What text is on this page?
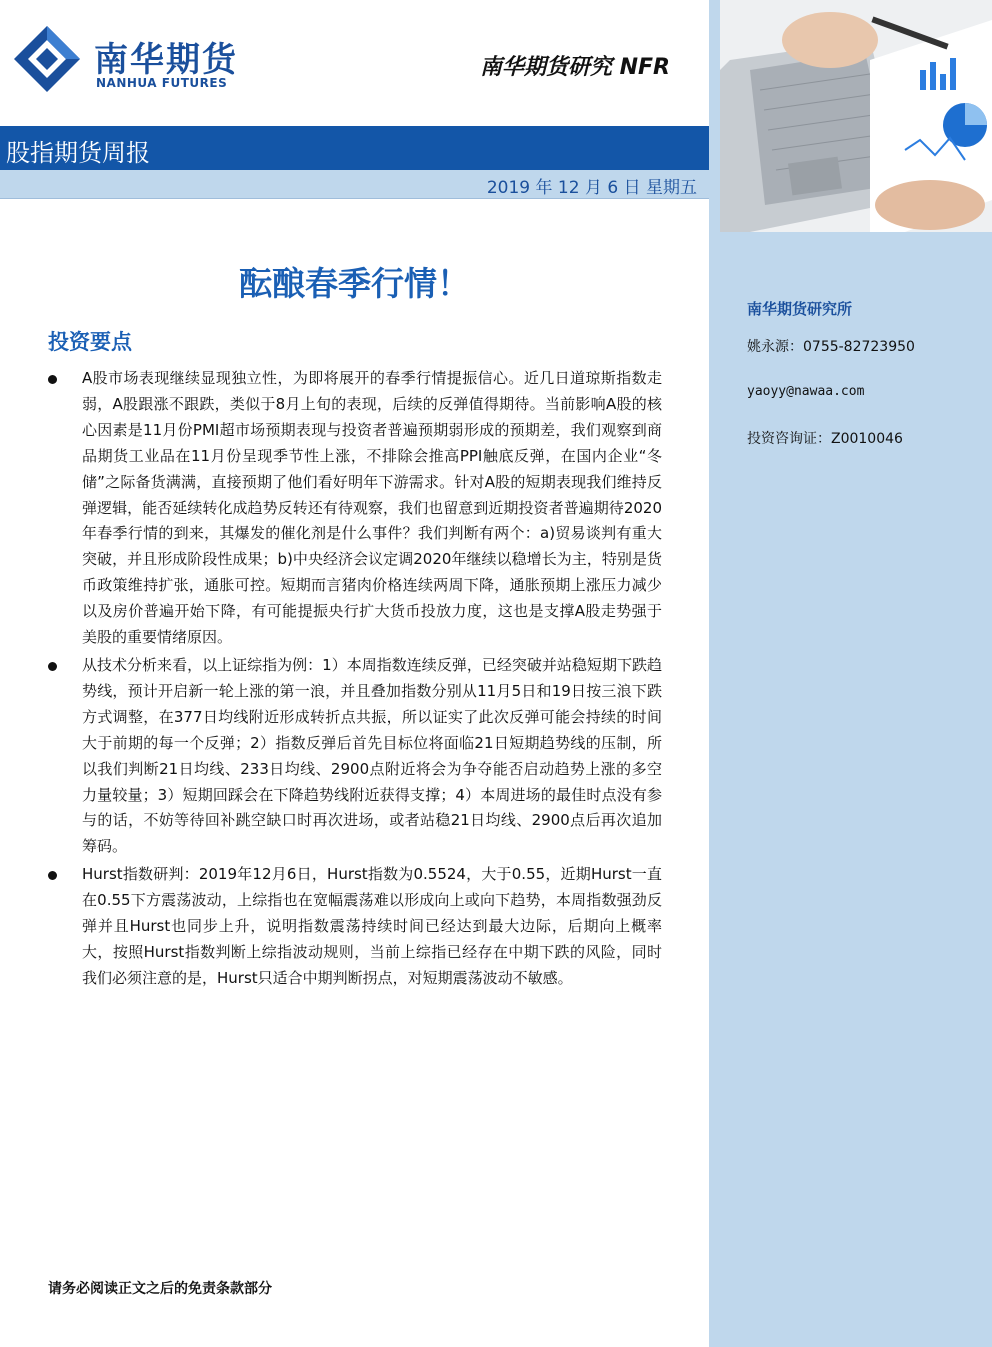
南华期货
NANHUA FUTURES
南华期货研究 NFR
股指期货周报
2019 年 12 月 6 日 星期五
酝酿春季行情！
投资要点
A股市场表现继续显现独立性，为即将展开的春季行情提振信心。近几日道琼斯指数走弱，A股跟涨不跟跌，类似于8月上旬的表现，后续的反弹值得期待。当前影响A股的核心因素是11月份PMI超市场预期表现与投资者普遍预期弱形成的预期差，我们观察到商品期货工业品在11月份呈现季节性上涨，不排除会推高PPI触底反弹，在国内企业“冬储”之际备货满满，直接预期了他们看好明年下游需求。针对A股的短期表现我们维持反弹逻辑，能否延续转化成趋势反转还有待观察，我们也留意到近期投资者普遍期待2020年春季行情的到来，其爆发的催化剂是什么事件？我们判断有两个：a)贸易谈判有重大突破，并且形成阶段性成果；b)中央经济会议定调2020年继续以稳增长为主，特别是货币政策维持扩张，通胀可控。短期而言猪肉价格连续两周下降，通胀预期上涨压力减少以及房价普遍开始下降，有可能提振央行扩大货币投放力度，这也是支撑A股走势强于美股的重要情绪原因。
从技术分析来看，以上证综指为例：1）本周指数连续反弹，已经突破并站稳短期下跌趋势线，预计开启新一轮上涨的第一浪，并且叠加指数分别从11月5日和19日按三浪下跌方式调整，在377日均线附近形成转折点共振，所以证实了此次反弹可能会持续的时间大于前期的每一个反弹；2）指数反弹后首先目标位将面临21日短期趋势线的压制，所以我们判断21日均线、233日均线、2900点附近将会为争夺能否启动趋势上涨的多空力量较量；3）短期回踩会在下降趋势线附近获得支撑；4）本周进场的最佳时点没有参与的话，不妨等待回补跳空缺口时再次进场，或者站稳21日均线、2900点后再次追加筹码。
Hurst指数研判：2019年12月6日，Hurst指数为0.5524，大于0.55，近期Hurst一直在0.55下方震荡波动，上综指也在宽幅震荡难以形成向上或向下趋势，本周指数强劲反弹并且Hurst也同步上升，说明指数震荡持续时间已经达到最大边际，后期向上概率大，按照Hurst指数判断上综指波动规则，当前上综指已经存在中期下跌的风险，同时我们必须注意的是，Hurst只适合中期判断拐点，对短期震荡波动不敏感。
南华期货研究所
姚永源：0755-82723950
yaoyy@nawaa.com
投资咨询证：Z0010046
请务必阅读正文之后的免责条款部分
